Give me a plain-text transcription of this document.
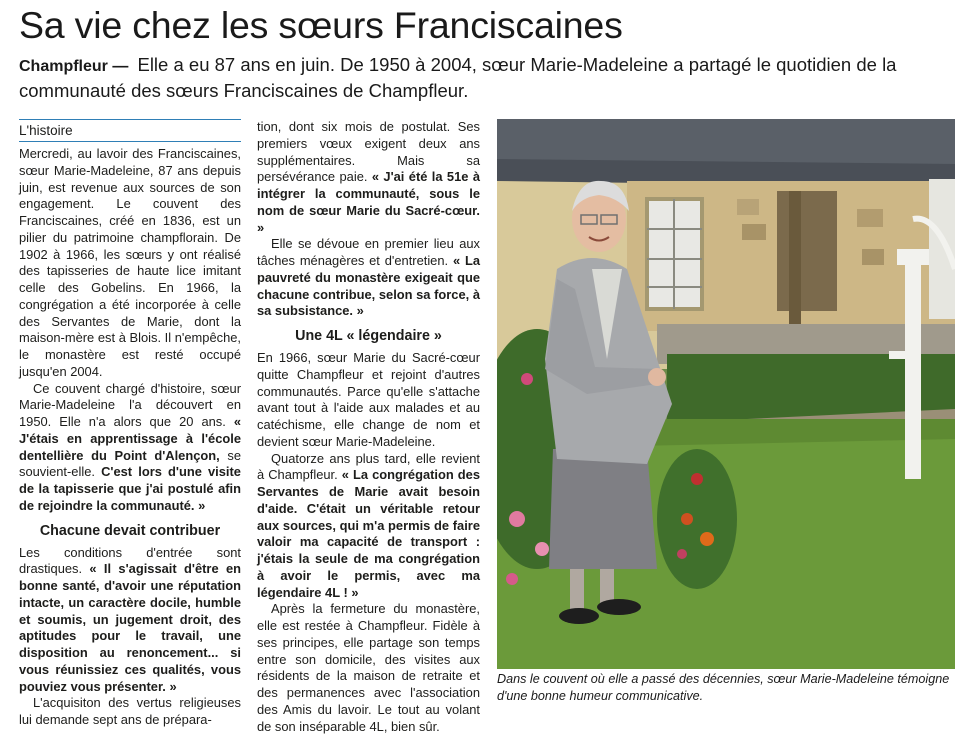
Sa vie chez les sœurs Franciscaines
Champfleur — Elle a eu 87 ans en juin. De 1950 à 2004, sœur Marie-Madeleine a partagé le quotidien de la communauté des sœurs Franciscaines de Champfleur.
L'histoire

Mercredi, au lavoir des Franciscaines, sœur Marie-Madeleine, 87 ans depuis juin, est revenue aux sources de son engagement. Le couvent des Franciscaines, créé en 1836, est un pilier du patrimoine champflorain. De 1902 à 1966, les sœurs y ont réalisé des tapisseries de haute lice imitant celle des Gobelins. En 1966, la congrégation a été incorporée à celle des Servantes de Marie, dont la maison-mère est à Blois. Il n'empêche, le monastère est resté occupé jusqu'en 2004.

Ce couvent chargé d'histoire, sœur Marie-Madeleine l'a découvert en 1950. Elle n'a alors que 20 ans. « J'étais en apprentissage à l'école dentellière du Point d'Alençon, se souvient-elle. C'est lors d'une visite de la tapisserie que j'ai postulé afin de rejoindre la communauté. »

Chacune devait contribuer

Les conditions d'entrée sont drastiques. « Il s'agissait d'être en bonne santé, d'avoir une réputation intacte, un caractère docile, humble et soumis, un jugement droit, des aptitudes pour le travail, une disposition au renoncement... si vous réunissiez ces qualités, vous pouviez vous présenter. »

L'acquisiton des vertus religieuses lui demande sept ans de prépara-

tion, dont six mois de postulat. Ses premiers vœux exigent deux ans supplémentaires. Mais sa persévérance paie. « J'ai été la 51e à intégrer la communauté, sous le nom de sœur Marie du Sacré-cœur. »

Elle se dévoue en premier lieu aux tâches ménagères et d'entretien. « La pauvreté du monastère exigeait que chacune contribue, selon sa force, à sa subsistance. »

Une 4L « légendaire »

En 1966, sœur Marie du Sacré-cœur quitte Champfleur et rejoint d'autres communautés. Parce qu'elle s'attache avant tout à l'aide aux malades et au catéchisme, elle change de nom et devient sœur Marie-Madeleine.

Quatorze ans plus tard, elle revient à Champfleur. « La congrégation des Servantes de Marie avait besoin d'aide. C'était un véritable retour aux sources, qui m'a permis de faire valoir ma capacité de transport : j'étais la seule de ma congrégation à avoir le permis, avec ma légendaire 4L ! »

Après la fermeture du monastère, elle est restée à Champfleur. Fidèle à ses principes, elle partage son temps entre son domicile, des visites aux résidents de la maison de retraite et des permanences avec l'association des Amis du lavoir. Le tout au volant de son inséparable 4L, bien sûr.

Dans le couvent où elle a passé des décennies, sœur Marie-Madeleine témoigne d'une bonne humeur communicative.
